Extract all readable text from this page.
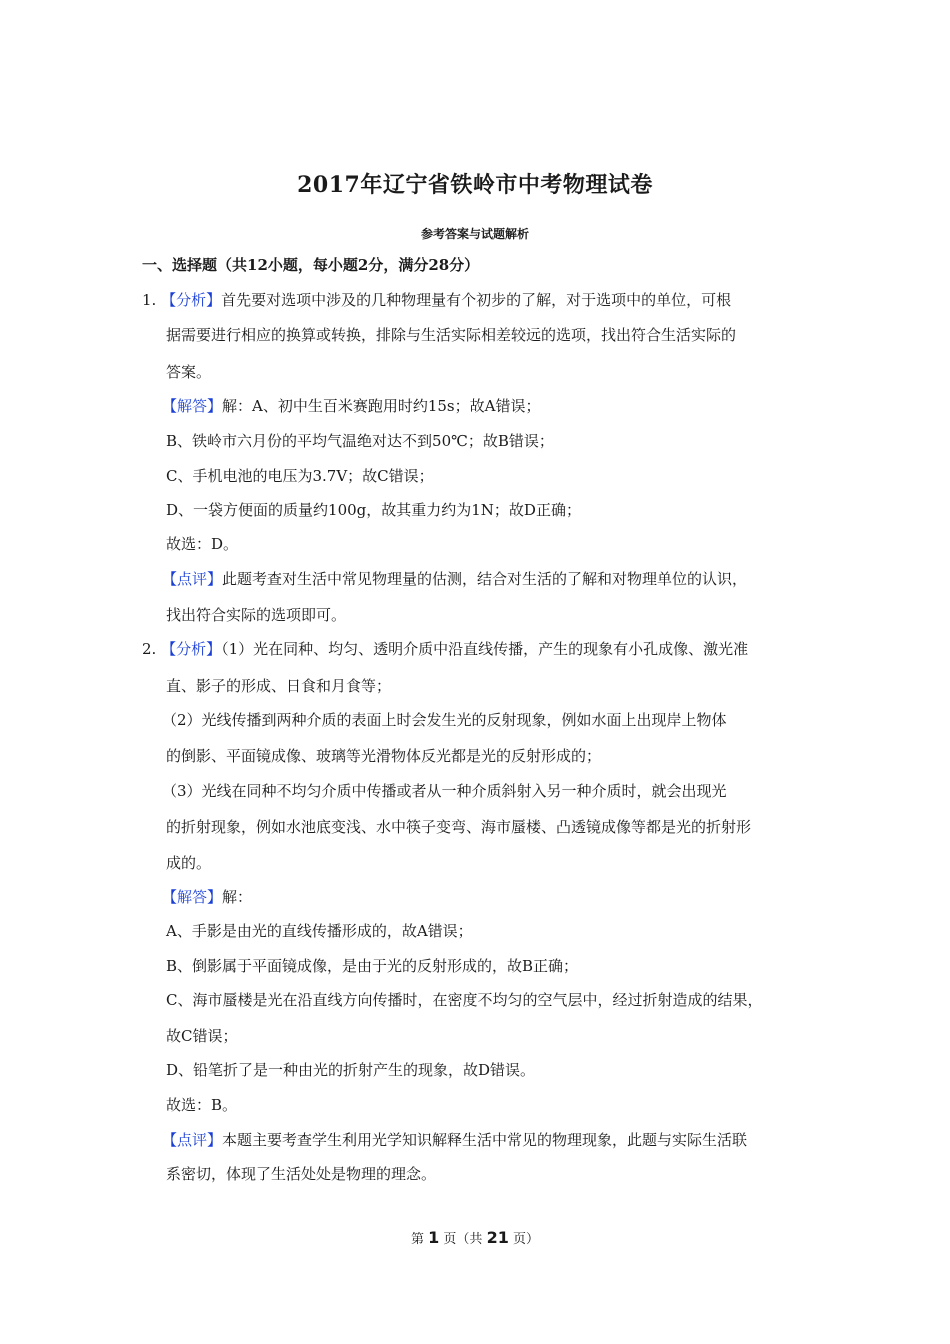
2017年辽宁省铁岭市中考物理试卷
参考答案与试题解析
一、选择题（共12小题，每小题2分，满分28分）
1. 【分析】首先要对选项中涉及的几种物理量有个初步的了解，对于选项中的单位，可根
据需要进行相应的换算或转换，排除与生活实际相差较远的选项，找出符合生活实际的
答案。
【解答】解：A、初中生百米赛跑用时约15s；故A错误；
B、铁岭市六月份的平均气温绝对达不到50℃；故B错误；
C、手机电池的电压为3.7V；故C错误；
D、一袋方便面的质量约100g，故其重力约为1N；故D正确；
故选：D。
【点评】此题考查对生活中常见物理量的估测，结合对生活的了解和对物理单位的认识，
找出符合实际的选项即可。
2. 【分析】（1）光在同种、均匀、透明介质中沿直线传播，产生的现象有小孔成像、激光准
直、影子的形成、日食和月食等；
（2）光线传播到两种介质的表面上时会发生光的反射现象，例如水面上出现岸上物体
的倒影、平面镜成像、玻璃等光滑物体反光都是光的反射形成的；
（3）光线在同种不均匀介质中传播或者从一种介质斜射入另一种介质时，就会出现光
的折射现象，例如水池底变浅、水中筷子变弯、海市蜃楼、凸透镜成像等都是光的折射形
成的。
【解答】解：
A、手影是由光的直线传播形成的，故A错误；
B、倒影属于平面镜成像，是由于光的反射形成的，故B正确；
C、海市蜃楼是光在沿直线方向传播时，在密度不均匀的空气层中，经过折射造成的结果，
故C错误；
D、铅笔折了是一种由光的折射产生的现象，故D错误。
故选：B。
【点评】本题主要考查学生利用光学知识解释生活中常见的物理现象，此题与实际生活联
系密切，体现了生活处处是物理的理念。
第 1 页（共 21 页）
